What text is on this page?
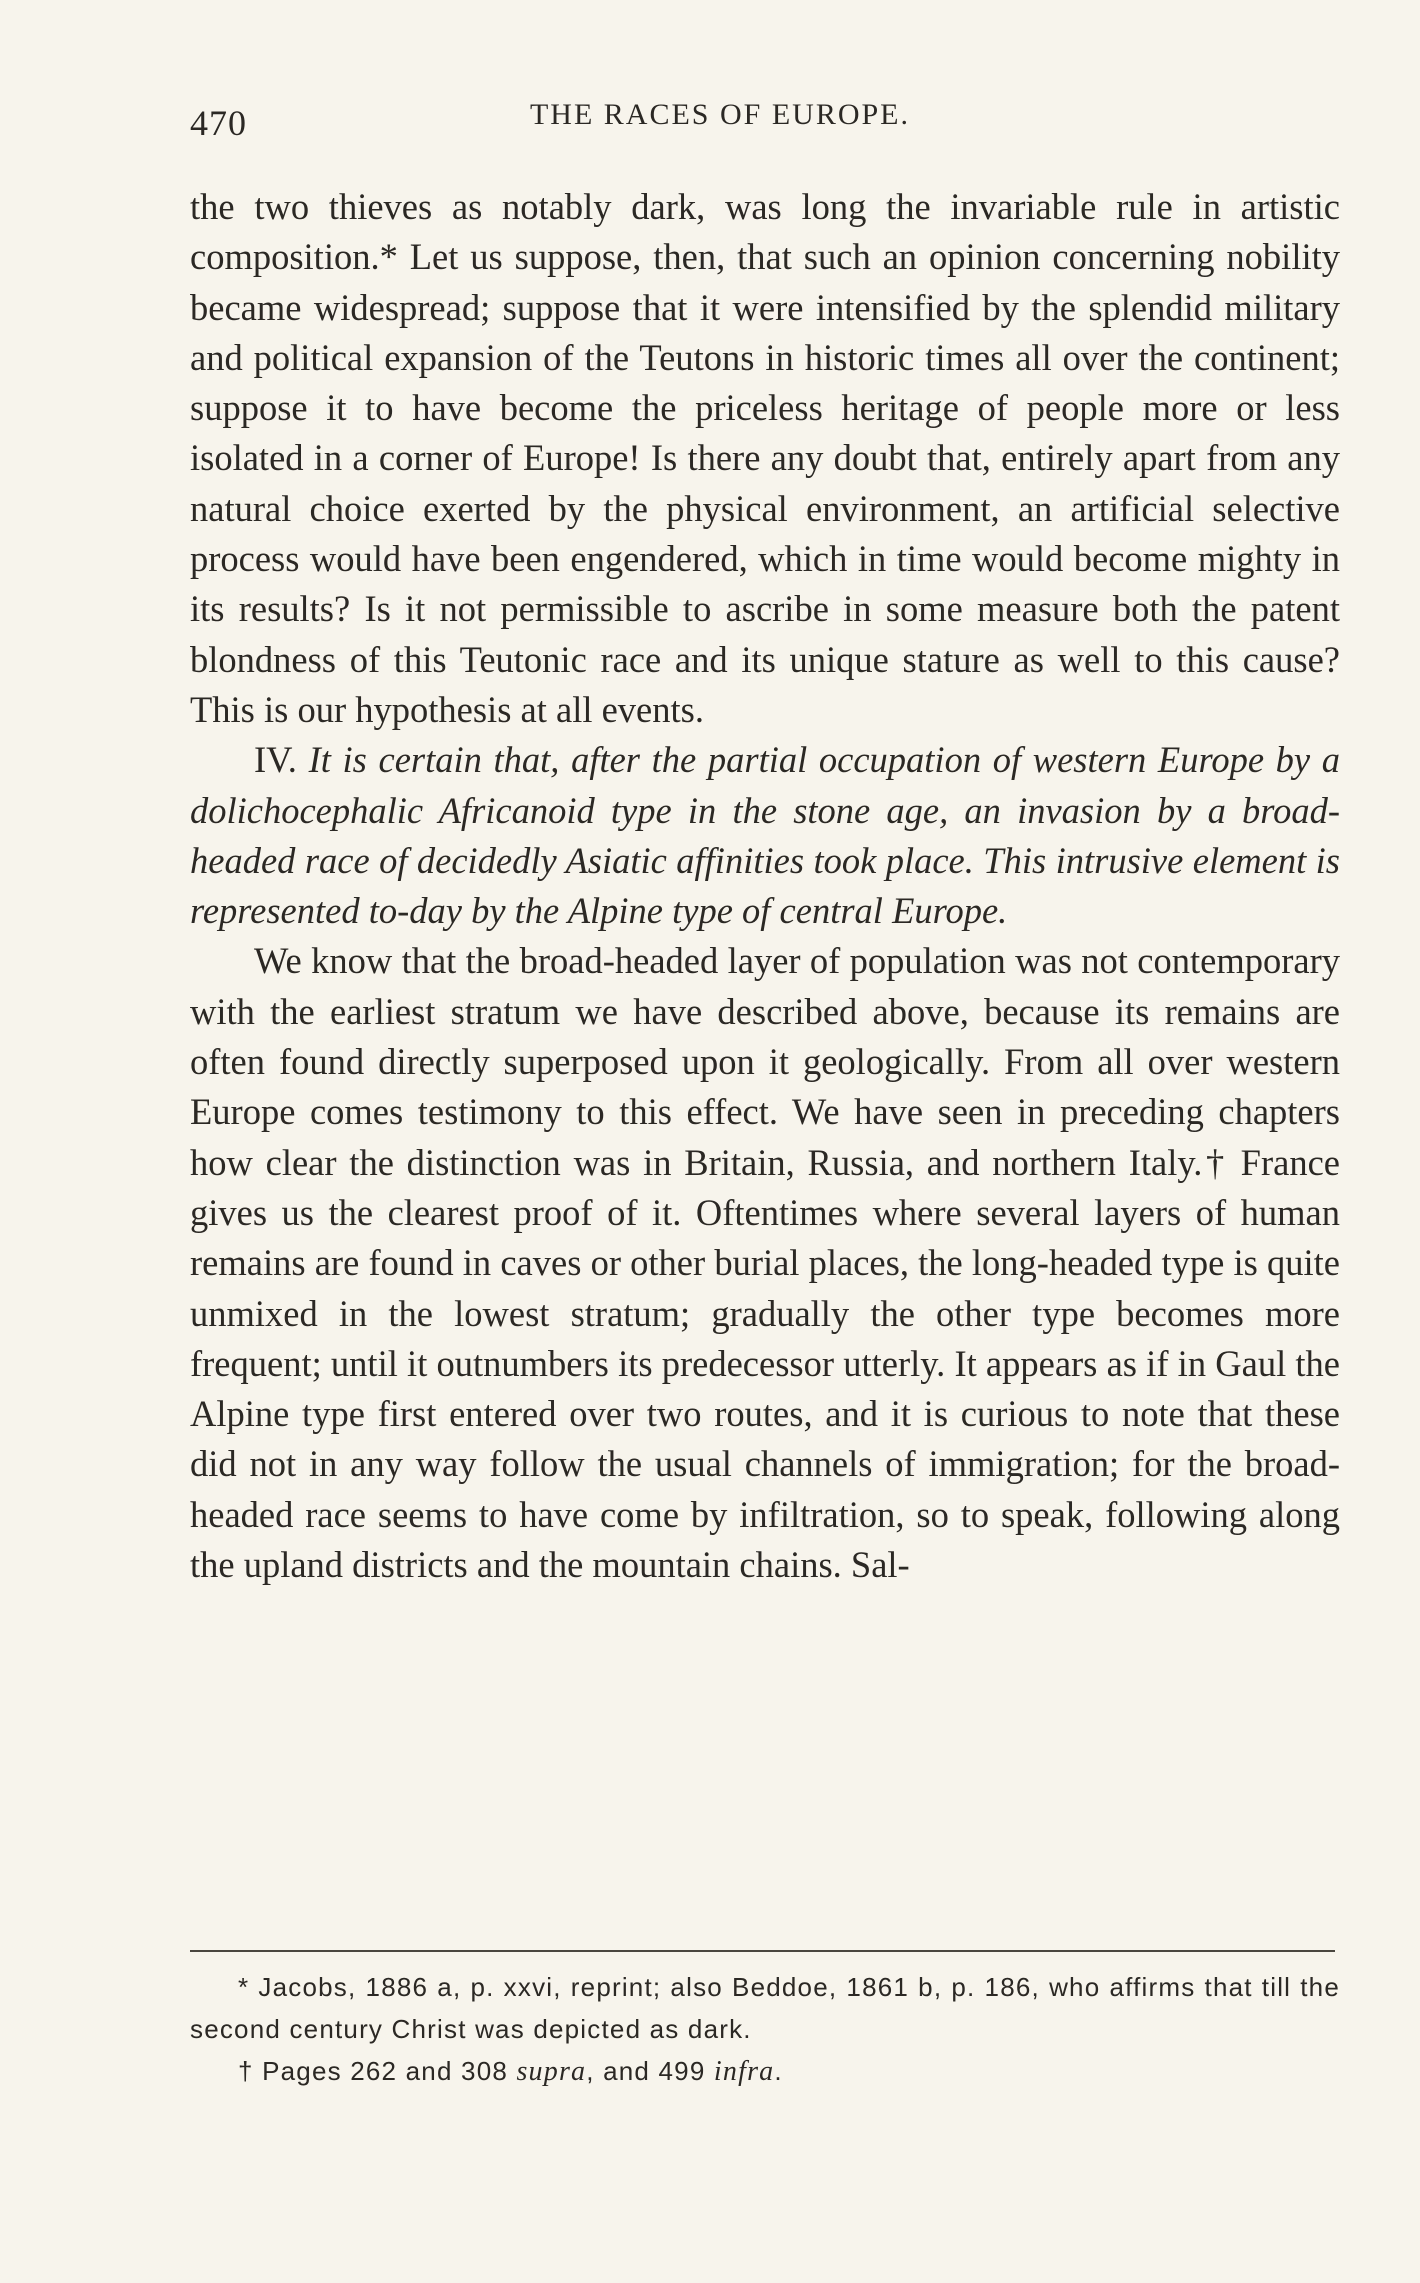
470	THE RACES OF EUROPE.

the two thieves as notably dark, was long the invariable rule in artistic composition.* Let us suppose, then, that such an opinion concerning nobility became widespread; suppose that it were intensified by the splendid military and political expansion of the Teutons in historic times all over the continent; suppose it to have become the priceless heritage of people more or less isolated in a corner of Europe! Is there any doubt that, entirely apart from any natural choice exerted by the physical environment, an artificial selective process would have been engendered, which in time would become mighty in its results? Is it not permissible to ascribe in some measure both the patent blondness of this Teutonic race and its unique stature as well to this cause? This is our hypothesis at all events.

IV. It is certain that, after the partial occupation of western Europe by a dolichocephalic Africanoid type in the stone age, an invasion by a broad-headed race of decidedly Asiatic affinities took place. This intrusive element is represented to-day by the Alpine type of central Europe.

We know that the broad-headed layer of population was not contemporary with the earliest stratum we have described above, because its remains are often found directly superposed upon it geologically. From all over western Europe comes testimony to this effect. We have seen in preceding chapters how clear the distinction was in Britain, Russia, and northern Italy.† France gives us the clearest proof of it. Oftentimes where several layers of human remains are found in caves or other burial places, the long-headed type is quite unmixed in the lowest stratum; gradually the other type becomes more frequent; until it outnumbers its predecessor utterly. It appears as if in Gaul the Alpine type first entered over two routes, and it is curious to note that these did not in any way follow the usual channels of immigration; for the broad-headed race seems to have come by infiltration, so to speak, following along the upland districts and the mountain chains. Sal-

* Jacobs, 1886 a, p. xxvi, reprint; also Beddoe, 1861 b, p. 186, who affirms that till the second century Christ was depicted as dark.

† Pages 262 and 308 supra, and 499 infra.
